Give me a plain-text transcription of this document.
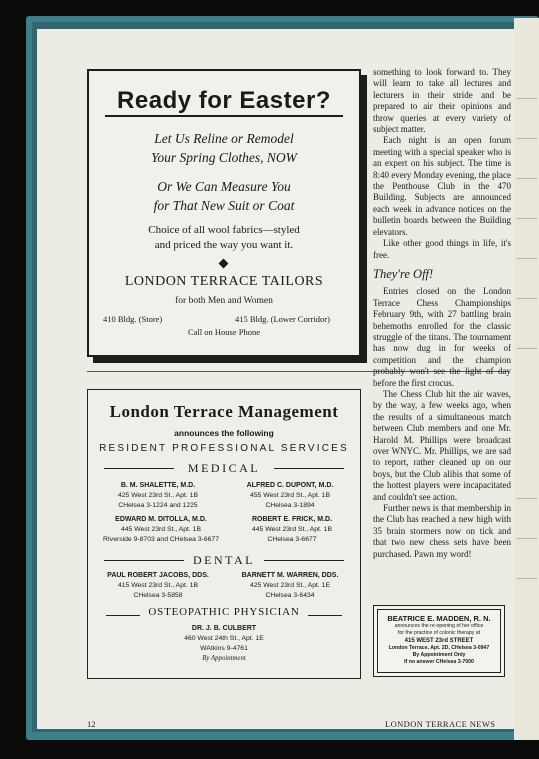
Ready for Easter?
Let Us Reline or Remodel
Your Spring Clothes, NOW
Or We Can Measure You
for That New Suit or Coat
Choice of all wool fabrics—styled
and priced the way you want it.
LONDON TERRACE TAILORS
for both Men and Women
410 Bldg. (Store)	415 Bldg. (Lower Corridor)
Call on House Phone
London Terrace Management
announces the following
RESIDENT PROFESSIONAL SERVICES
MEDICAL
B. M. SHALETTE, M.D.
425 West 23rd St., Apt. 1B
CHelsea 3-1224 and 1225
ALFRED C. DUPONT, M.D.
455 West 23rd St., Apt. 1B
CHelsea 3-1894
EDWARD M. DITOLLA, M.D.
445 West 23rd St., Apt. 1B
RIverside 9-8703 and CHelsea 3-6677
ROBERT E. FRICK, M.D.
445 West 23rd St., Apt. 1B
CHelsea 3-6677
DENTAL
PAUL ROBERT JACOBS, DDS.
415 West 23rd St., Apt. 1B
CHelsea 3-5858
BARNETT M. WARREN, DDS.
425 West 23rd St., Apt. 1E
CHelsea 3-6434
OSTEOPATHIC PHYSICIAN
DR. J. B. CULBERT
460 West 24th St., Apt. 1E
WAtkins 9-4761
By Appointment

something to look forward to. They will learn to take all lectures and lecturers in their stride and be prepared to air their opinions and throw queries at every variety of subject matter.

Each night is an open forum meeting with a special speaker who is an expert on his subject. The time is 8:40 every Monday evening, the place the Penthouse Club in the 470 Building. Subjects are announced each week in advance notices on the bulletin boards between the Building elevators.

Like other good things in life, it's free.

They're Off!

Entries closed on the London Terrace Chess Championships February 9th, with 27 battling brain behemoths enrolled for the classic struggle of the titans. The tournament has now dug in for weeks of competition and the champion probably won't see the light of day before the first crocus.

The Chess Club hit the air waves, by the way, a few weeks ago, when the results of a simultaneous match between Club members and one Mr. Harold M. Phillips were broadcast over WNYC. Mr. Phillips, we are sad to report, rather cleaned up on our boys, but the Club alibis that some of the hottest players were incapacitated and couldn't see action.

Further news is that membership in the Club has reached a new high with 35 brain stormers now on tick and that two new chess sets have been purchased. Pawn my word!

BEATRICE E. MADDEN, R. N.
announces the re-opening of her office
for the practice of colonic therapy at
415 WEST 23rd STREET
London Terrace, Apt. 2D, CHelsea 3-0947
By Appointment Only
If no answer CHelsea 3-7000
12	LONDON TERRACE NEWS
